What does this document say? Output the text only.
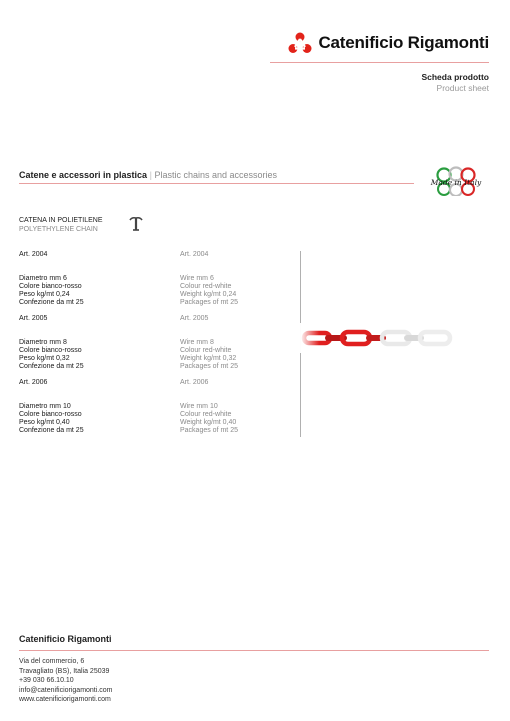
Catenificio Rigamonti
Scheda prodotto
Product sheet
Catene e accessori in plastica | Plastic chains and accessories
Made in Italy
CATENA IN POLIETILENE
POLYETHYLENE CHAIN
Art. 2004
Diametro mm 6
Colore bianco-rosso
Peso kg/mt 0,24
Confezione da mt 25
Art. 2005
Diametro mm 8
Colore bianco-rosso
Peso kg/mt 0,32
Confezione da mt 25
Art. 2006
Diametro mm 10
Colore bianco-rosso
Peso kg/mt 0,40
Confezione da mt 25
Art. 2004
Wire mm 6
Colour red-white
Weight kg/mt 0,24
Packages of mt 25
Art. 2005
Wire mm 8
Colour red-white
Weight kg/mt 0,32
Packages of mt 25
Art. 2006
Wire mm 10
Colour red-white
Weight kg/mt 0,40
Packages of mt 25
Catenificio Rigamonti
Via del commercio, 6
Travagliato (BS), Italia 25039
+39 030 66.10.10
info@catenificiorigamonti.com
www.catenificiorigamonti.com
